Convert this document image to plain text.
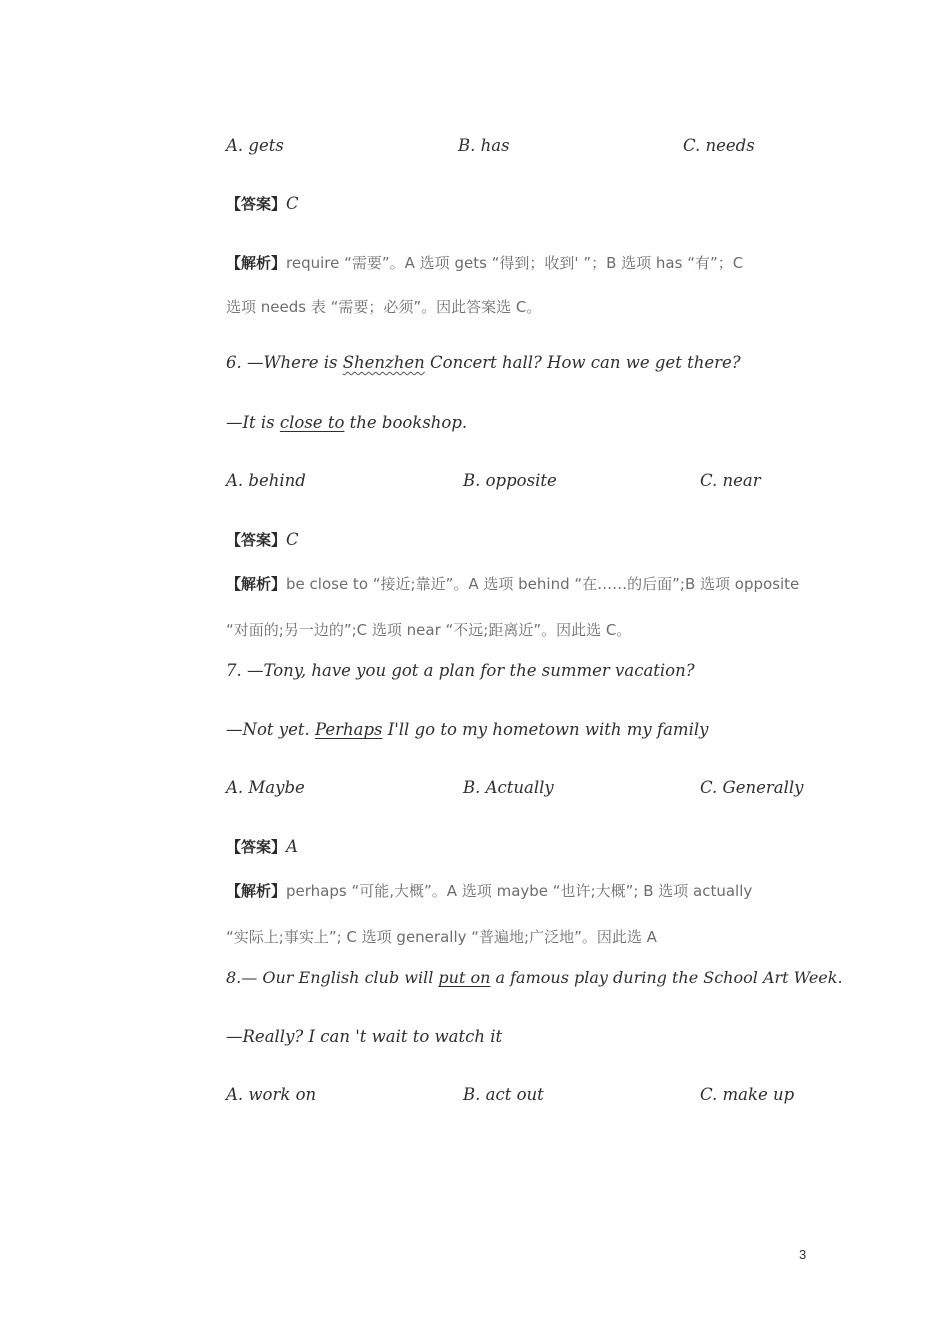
A. gets	B. has	C. needs
【答案】C
【解析】require “需要”。A 选项 gets “得到；收到' ”；B 选项 has “有”；C
选项 needs 表 “需要；必须”。因此答案选 C。
6. —Where is Shenzhen Concert hall? How can we get there?
—It is close to the bookshop.
A. behind	B. opposite	C. near
【答案】C
【解析】be close to “接近;靠近”。A 选项 behind “在……的后面”;B 选项 opposite
“对面的;另一边的”;C 选项 near “不远;距离近”。因此选 C。
7. —Tony, have you got a plan for the summer vacation?
—Not yet. Perhaps I'll go to my hometown with my family
A. Maybe	B. Actually	C. Generally
【答案】A
【解析】perhaps “可能,大概”。A 选项 maybe “也许;大概”; B 选项 actually
“实际上;事实上”; C 选项 generally “普遍地;广泛地”。因此选 A
8.— Our English club will put on a famous play during the School Art Week.
—Really? I can 't wait to watch it
A. work on	B. act out	C. make up
3
